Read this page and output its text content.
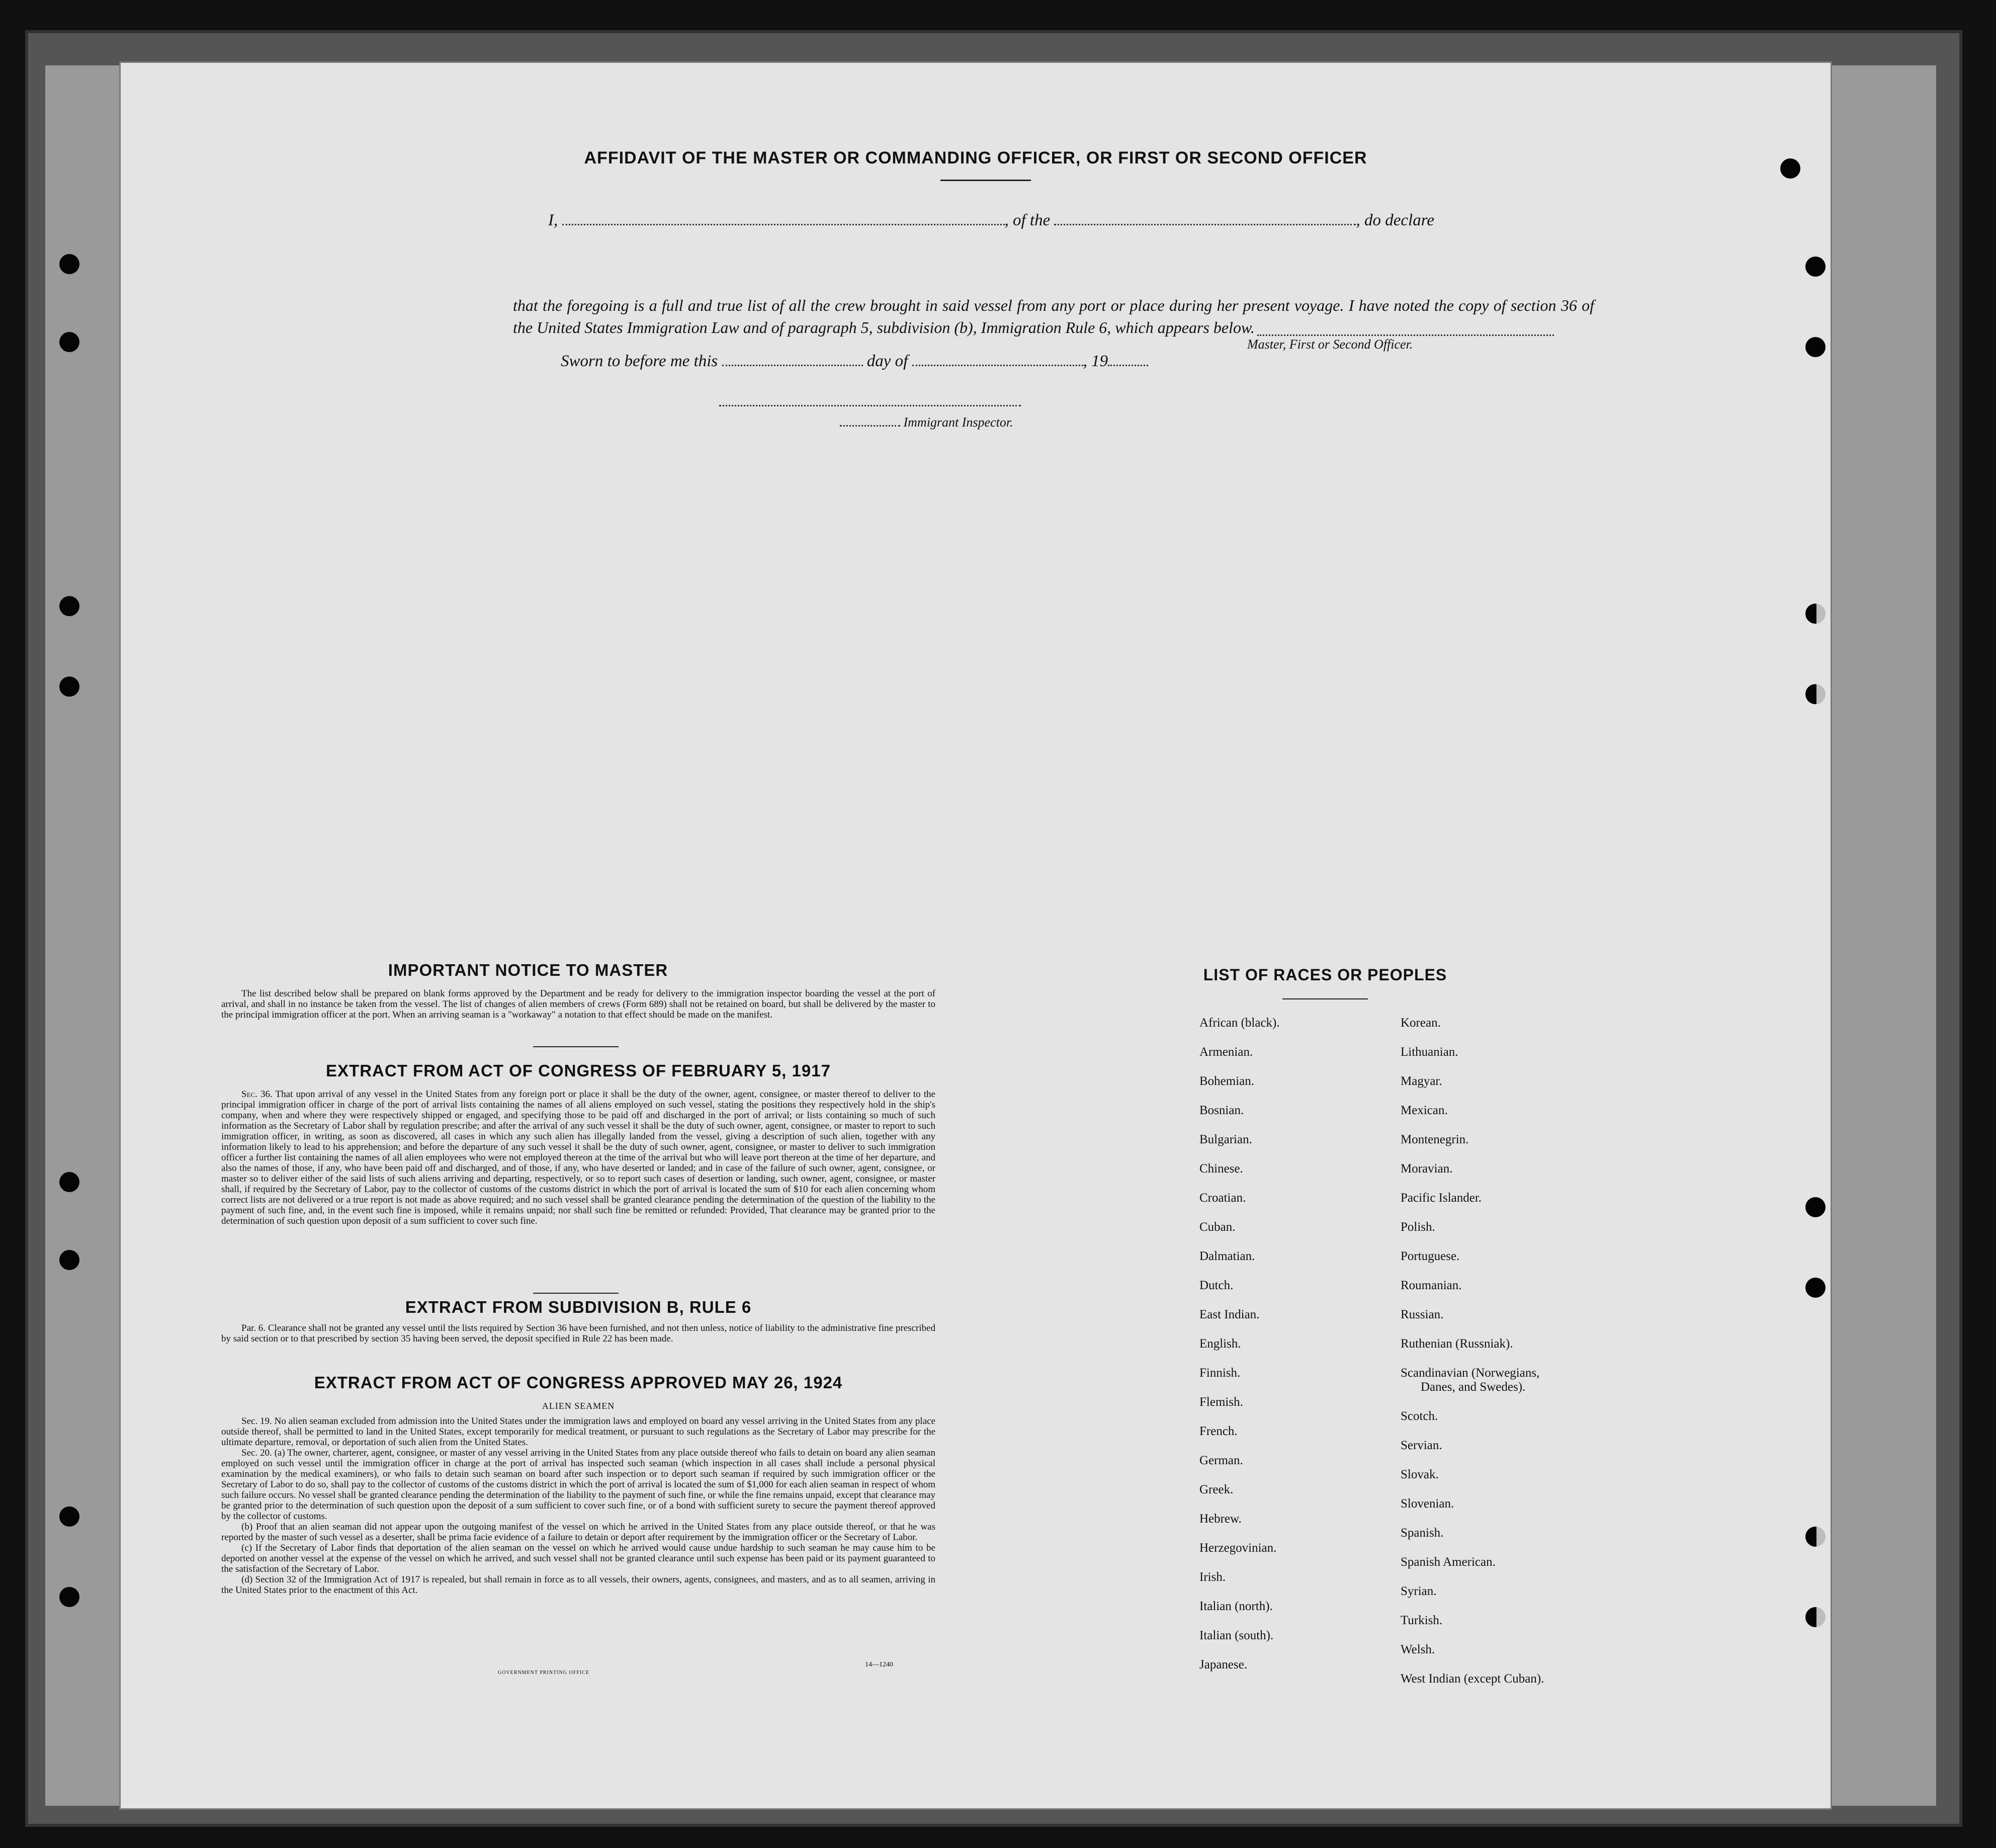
AFFIDAVIT OF THE MASTER OR COMMANDING OFFICER, OR FIRST OR SECOND OFFICER
I,	, of the	, do declare
that the foregoing is a full and true list of all the crew brought in said vessel from any port or place during her present voyage. I have noted the copy of section 36 of the United States Immigration Law and of paragraph 5, subdivision (b), Immigration Rule 6, which appears below.
Master, First or Second Officer.
Sworn to before me this	day of	, 19
Immigrant Inspector.
IMPORTANT NOTICE TO MASTER

The list described below shall be prepared on blank forms approved by the Department and be ready for delivery to the immigration inspector boarding the vessel at the port of arrival, and shall in no instance be taken from the vessel. The list of changes of alien members of crews (Form 689) shall not be retained on board, but shall be delivered by the master to the principal immigration officer at the port. When an arriving seaman is a "workaway" a notation to that effect should be made on the manifest.

EXTRACT FROM ACT OF CONGRESS OF FEBRUARY 5, 1917

Sec. 36. That upon arrival of any vessel in the United States from any foreign port or place it shall be the duty of the owner, agent, consignee, or master thereof to deliver to the principal immigration officer in charge of the port of arrival lists containing the names of all aliens employed on such vessel, stating the positions they respectively hold in the ship's company, when and where they were respectively shipped or engaged, and specifying those to be paid off and discharged in the port of arrival; or lists containing so much of such information as the Secretary of Labor shall by regulation prescribe; and after the arrival of any such vessel it shall be the duty of such owner, agent, consignee, or master to report to such immigration officer, in writing, as soon as discovered, all cases in which any such alien has illegally landed from the vessel, giving a description of such alien, together with any information likely to lead to his apprehension; and before the departure of any such vessel it shall be the duty of such owner, agent, consignee, or master to deliver to such immigration officer a further list containing the names of all alien employees who were not employed thereon at the time of the arrival but who will leave port thereon at the time of her departure, and also the names of those, if any, who have been paid off and discharged, and of those, if any, who have deserted or landed; and in case of the failure of such owner, agent, consignee, or master so to deliver either of the said lists of such aliens arriving and departing, respectively, or so to report such cases of desertion or landing, such owner, agent, consignee, or master shall, if required by the Secretary of Labor, pay to the collector of customs of the customs district in which the port of arrival is located the sum of $10 for each alien concerning whom correct lists are not delivered or a true report is not made as above required; and no such vessel shall be granted clearance pending the determination of the question of the liability to the payment of such fine, and, in the event such fine is imposed, while it remains unpaid; nor shall such fine be remitted or refunded: Provided, That clearance may be granted prior to the determination of such question upon deposit of a sum sufficient to cover such fine.

EXTRACT FROM SUBDIVISION B, RULE 6

Par. 6. Clearance shall not be granted any vessel until the lists required by Section 36 have been furnished, and not then unless, notice of liability to the administrative fine prescribed by said section or to that prescribed by section 35 having been served, the deposit specified in Rule 22 has been made.

EXTRACT FROM ACT OF CONGRESS APPROVED MAY 26, 1924
ALIEN SEAMEN

Sec. 19. No alien seaman excluded from admission into the United States under the immigration laws and employed on board any vessel arriving in the United States from any place outside thereof, shall be permitted to land in the United States, except temporarily for medical treatment, or pursuant to such regulations as the Secretary of Labor may prescribe for the ultimate departure, removal, or deportation of such alien from the United States.

Sec. 20. (a) The owner, charterer, agent, consignee, or master of any vessel arriving in the United States from any place outside thereof who fails to detain on board any alien seaman employed on such vessel until the immigration officer in charge at the port of arrival has inspected such seaman (which inspection in all cases shall include a personal physical examination by the medical examiners), or who fails to detain such seaman on board after such inspection or to deport such seaman if required by such immigration officer or the Secretary of Labor to do so, shall pay to the collector of customs of the customs district in which the port of arrival is located the sum of $1,000 for each alien seaman in respect of whom such failure occurs. No vessel shall be granted clearance pending the determination of the liability to the payment of such fine, or while the fine remains unpaid, except that clearance may be granted prior to the determination of such question upon the deposit of a sum sufficient to cover such fine, or of a bond with sufficient surety to secure the payment thereof approved by the collector of customs.

(b) Proof that an alien seaman did not appear upon the outgoing manifest of the vessel on which he arrived in the United States from any place outside thereof, or that he was reported by the master of such vessel as a deserter, shall be prima facie evidence of a failure to detain or deport after requirement by the immigration officer or the Secretary of Labor.

(c) If the Secretary of Labor finds that deportation of the alien seaman on the vessel on which he arrived would cause undue hardship to such seaman he may cause him to be deported on another vessel at the expense of the vessel on which he arrived, and such vessel shall not be granted clearance until such expense has been paid or its payment guaranteed to the satisfaction of the Secretary of Labor.

(d) Section 32 of the Immigration Act of 1917 is repealed, but shall remain in force as to all vessels, their owners, agents, consignees, and masters, and as to all seamen, arriving in the United States prior to the enactment of this Act.

GOVERNMENT PRINTING OFFICE
14—1240
LIST OF RACES OR PEOPLES
African (black).
Armenian.
Bohemian.
Bosnian.
Bulgarian.
Chinese.
Croatian.
Cuban.
Dalmatian.
Dutch.
East Indian.
English.
Finnish.
Flemish.
French.
German.
Greek.
Hebrew.
Herzegovinian.
Irish.
Italian (north).
Italian (south).
Japanese.
Korean.
Lithuanian.
Magyar.
Mexican.
Montenegrin.
Moravian.
Pacific Islander.
Polish.
Portuguese.
Roumanian.
Russian.
Ruthenian (Russniak).
Scandinavian (Norwegians,
Danes, and Swedes).
Scotch.
Servian.
Slovak.
Slovenian.
Spanish.
Spanish American.
Syrian.
Turkish.
Welsh.
West Indian (except Cuban).
